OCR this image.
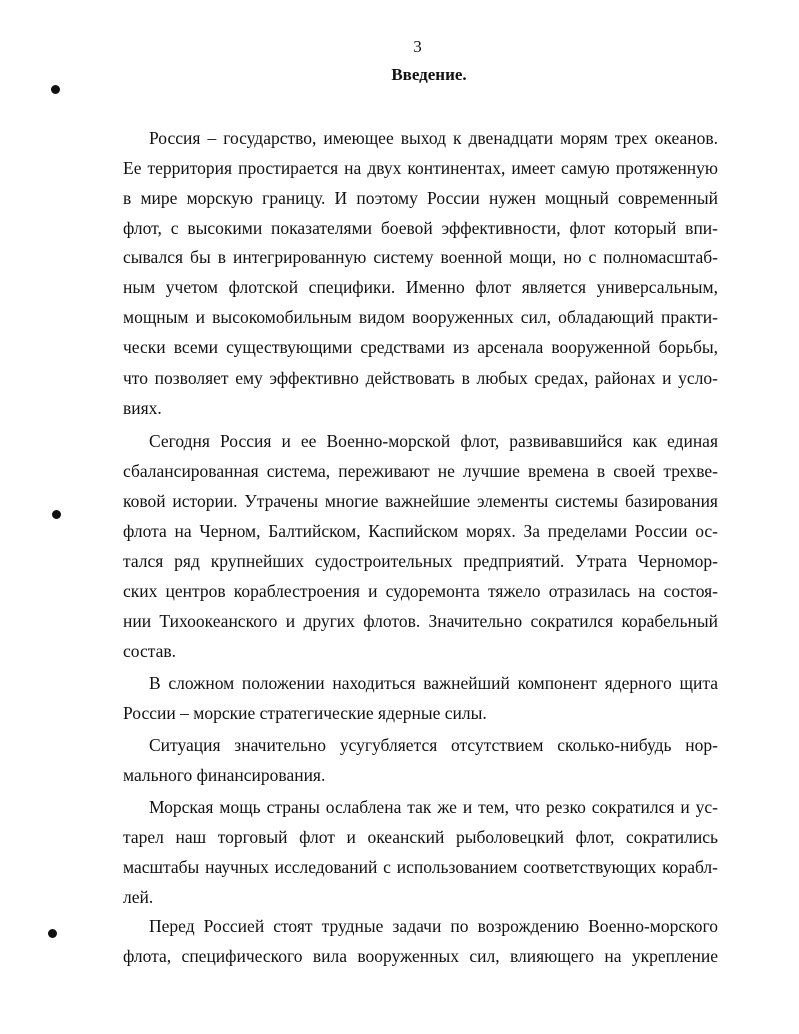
3
Введение.
Россия – государство, имеющее выход к двенадцати морям трех океанов.
Ее территория простирается на двух континентах, имеет самую протяженную
в мире морскую границу. И поэтому России нужен мощный современный
флот, с высокими показателями боевой эффективности, флот который впи-
сывался бы в интегрированную систему военной мощи, но с полномасштаб-
ным учетом флотской специфики. Именно флот является универсальным,
мощным и высокомобильным видом вооруженных сил, обладающий практи-
чески всеми существующими средствами из арсенала вооруженной борьбы,
что позволяет ему эффективно действовать в любых средах, районах и усло-
виях.
Сегодня Россия и ее Военно-морской флот, развивавшийся как единая
сбалансированная система, переживают не лучшие времена в своей трехве-
ковой истории. Утрачены многие важнейшие элементы системы базирования
флота на Черном, Балтийском, Каспийском морях. За пределами России ос-
тался ряд крупнейших судостроительных предприятий. Утрата Черномор-
ских центров кораблестроения и судоремонта тяжело отразилась на состоя-
нии Тихоокеанского и других флотов. Значительно сократился корабельный
состав.
В сложном положении находиться важнейший компонент ядерного щита
России – морские стратегические ядерные силы.
Ситуация значительно усугубляется отсутствием сколько-нибудь нор-
мального финансирования.
Морская мощь страны ослаблена так же и тем, что резко сократился и ус-
тарел наш торговый флот и океанский рыболовецкий флот, сократились
масштабы научных исследований с использованием соответствующих корабл-
лей.
Перед Россией стоят трудные задачи по возрождению Военно-морского
флота, специфического вила вооруженных сил, влияющего на укрепление
